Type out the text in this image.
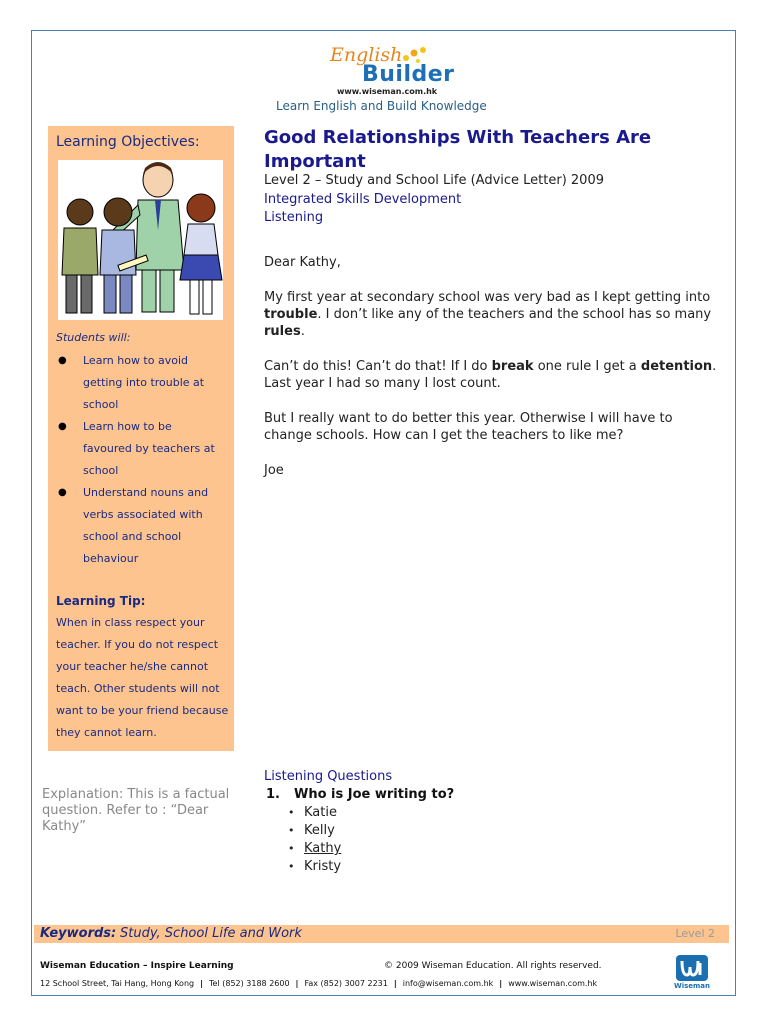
English
Builder
www.wiseman.com.hk
Learn English and Build Knowledge
Learning Objectives:
Students will:
● Learn how to avoid getting into trouble at school
● Learn how to be favoured by teachers at school
● Understand nouns and verbs associated with school and school behaviour
Learning Tip:
When in class respect your teacher. If you do not respect your teacher he/she cannot teach. Other students will not want to be your friend because they cannot learn.
Explanation: This is a factual question. Refer to : “Dear Kathy”
Good Relationships With Teachers Are Important
Level 2 – Study and School Life (Advice Letter) 2009
Integrated Skills Development
Listening

Dear Kathy,

My first year at secondary school was very bad as I kept getting into trouble. I don’t like any of the teachers and the school has so many rules.

Can’t do this! Can’t do that! If I do break one rule I get a detention. Last year I had so many I lost count.

But I really want to do better this year. Otherwise I will have to change schools. How can I get the teachers to like me?

Joe

Listening Questions
1. Who is Joe writing to?
• Katie
• Kelly
• Kathy
• Kristy
Keywords: Study, School Life and Work	Level 2
Wiseman Education – Inspire Learning	© 2009 Wiseman Education. All rights reserved.
12 School Street, Tai Hang, Hong Kong | Tel (852) 3188 2600 | Fax (852) 3007 2231 | info@wiseman.com.hk | www.wiseman.com.hk	Wiseman
